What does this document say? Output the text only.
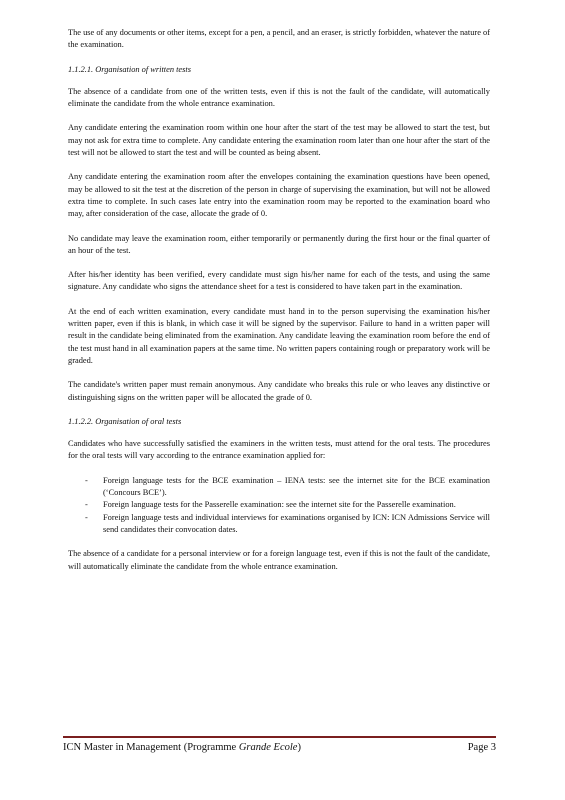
The use of any documents or other items, except for a pen, a pencil, and an eraser, is strictly forbidden, whatever the nature of the examination.

1.1.2.1. Organisation of written tests

The absence of a candidate from one of the written tests, even if this is not the fault of the candidate, will automatically eliminate the candidate from the whole entrance examination.

Any candidate entering the examination room within one hour after the start of the test may be allowed to start the test, but may not ask for extra time to complete. Any candidate entering the examination room later than one hour after the start of the test will not be allowed to start the test and will be counted as being absent.

Any candidate entering the examination room after the envelopes containing the examination questions have been opened, may be allowed to sit the test at the discretion of the person in charge of supervising the examination, but will not be allowed extra time to complete. In such cases late entry into the examination room may be reported to the examination board who may, after consideration of the case, allocate the grade of 0.

No candidate may leave the examination room, either temporarily or permanently during the first hour or the final quarter of an hour of the test.

After his/her identity has been verified, every candidate must sign his/her name for each of the tests, and using the same signature. Any candidate who signs the attendance sheet for a test is considered to have taken part in the examination.

At the end of each written examination, every candidate must hand in to the person supervising the examination his/her written paper, even if this is blank, in which case it will be signed by the supervisor. Failure to hand in a written paper will result in the candidate being eliminated from the examination. Any candidate leaving the examination room before the end of the test must hand in all examination papers at the same time. No written papers containing rough or preparatory work will be graded.

The candidate's written paper must remain anonymous. Any candidate who breaks this rule or who leaves any distinctive or distinguishing signs on the written paper will be allocated the grade of 0.

1.1.2.2. Organisation of oral tests

Candidates who have successfully satisfied the examiners in the written tests, must attend for the oral tests. The procedures for the oral tests will vary according to the entrance examination applied for:

- Foreign language tests for the BCE examination – IENA tests: see the internet site for the BCE examination (‘Concours BCE’).
- Foreign language tests for the Passerelle examination: see the internet site for the Passerelle examination.
- Foreign language tests and individual interviews for examinations organised by ICN: ICN Admissions Service will send candidates their convocation dates.

The absence of a candidate for a personal interview or for a foreign language test, even if this is not the fault of the candidate, will automatically eliminate the candidate from the whole entrance examination.

ICN Master in Management (Programme Grande Ecole)	Page 3
